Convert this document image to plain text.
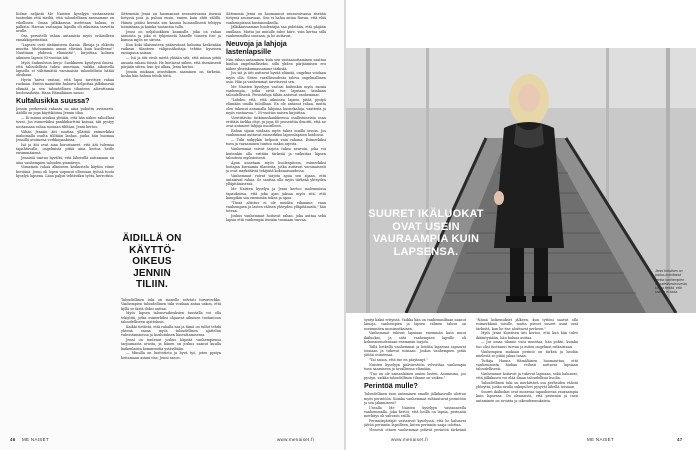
Kolme neljästä Me Naisten kyselyyn vastanneista tunteekin että meiltä, että taloudellinen asemamme on vihollinen. Omaa jälkikasvua asetetaan haluaa, ei palkata. Harvan vastaajan lapsilla oli aikuisina tarvetta avulle.

Osa perustelli rahan antamista myös eriäisilleen ennakkoperintönä.

"Lapsesi ovat iästämiseen ihania. Ilkeaja ja ehkeita muutta. Mieluummin annan elävänä kuin kuolleena!" Nauttiaan yhdessä elämästä!", kirjoittaa kolmen aikuisen lapsen 53-vuotias äiti.

Myös Saikuulvion kerjo- Suokkaeen kyselyssä ilmeni, että taloudellista tukea annetaan, vaikka aikuisella lapsella ei välttämättä varsinaista taloudellista hätää olisikaan.

Hyvin harva vastasi, että lapsi tarvitsee rahaa ruokaan. Eniten mainittiin haluava helpottaa jälkikasvun elämää ja sen taloudellisen tilanteen aiheuttamia huolenaiheita. Haaa Hämäläinen sanoo.

Kultalusikka suussa?

Jennin perheessä rahasta on aina puhuttu avoimesti. Äidillä on jopa käyttiköissa Jennin tilaa.

— Ei minua aivaksa yhtään, että hän näkee rahoillani tuvat. Jos esimerkiksi pankkikorttini katoaa, äiti pystyy nostamaan rahaa suoraan tililtäni, Jenni kertoo.

Vähän Jenniin äiti suuttaa ylläitää enimerkiksi mahomalla osulta tililtään lanhas, jonka hän huomaa Jennillä avoimena verkkopankissa.

Isä ja äiti ovat aina korostaneet, että äiti tulemaa tapahtuvalle, ongelmista pitää aina kertoa heille ensimmäisenä.

Jennistä tuntuu hyvältä, että läheisillä auttamaan on aina vanhempien talouden ymmärrys.

Viimeinen rahaa alkeiseen keskustelu käytiin viime keväänä. Jenni oli lopen uupunut ollessaan työssä tuota kyselyä lapsena. Liian paljon tehtäväksi työtä, kerrottiin.

Sittemmin Jenni on huomannut sensuroivansa itsensä hetyssä pois ja puhuu ensin, ennen kuin ehtii välillä. Hänen pitäisi kerrata sen kanssa luonnollisesti tehtyyn toimintaan ja kuinka tuotantoa tulla.

Jenni on neljäluokkien kaumalle, joka on rahaa annoista ja joka ei tyhjennetä hänelle toiseen itse ja kanssa myös ne siivota.

Kun koki tilaisuuteen pääsevänsä kuhuina keskenään vaikean tilanteen välipissähoitaja tehtiin kyseisen ensiapuun asiaan.

— Isä ja äiti eivät mietä yhtään sitä, että minun pitää ansaita rahani töissä. He luottavat siihen, että itsenäisesti pärjään sitten, kun työ alkaa, Jenni kertoo.

Jennin mukaan avustuksen saaminen on tärkeää, koska hän haluaa tehdä töitä.

ÄIDILLÄ ON KÄYTTÖOIKEUS JENNIN TILIIN.

Taloudellinen tuki on monelle selvästi turvaverkko. Vanhempien taloudellinen tuki voidaan antaa uskon, että kyllä se tästä iloksi auttaa.

Myös lapsen talousvaikeuksien taustalla voi olla tekijöitä, jotka esimerkiksi ohjaavat aikuisen tuotantoon taloudelliseen ajatteluun.

Kaikki tietävät, että rahalla saa ja tämä on tullut tehdä yhtenä osana myös taloudellisen ajattelun vahvistamisessa ja koulutuksen kasvattamisessa.

Jenni on tuntenut joskus häpeää vanhempiensa tarjoamasta avusta, ja hänen on joskus saanut kuulla kaikenlaista kommenttia ystäviltään.

— Minulla on luottotieto ja hyvä työ, joten pystyn hoitamaan asiani itse, Jenni sanoo.

Sittemmin Jenni on huomannut sensuroivansa itseään tietyssä seuraavaan. Sen ei halua antaa Ruvan, että elää vanhempiensa kustannuksella.

Jälkikasvuamme huolentajia saa pidetään, että päijään omillaan. Mutta jos minulle tulee kiire, voin kertoa sillä vanhemmillisi suoraan, ja he auttavat.

Neuvoja ja lahjoja lastenlapsille

Niin rahan antaminen kuin sen vastaanottaminen saattaa kuulua ongelmalliseksi, sillä yhden pärjäämisen ero näkee yhteiskunnassamme tärkeää.

Jos isä ja äiti auttavat hyvää elämää, ongelma voidaan myös olla. Sitten varallisuudesta tuleva ongelmallinen asia. Hän ja vanhemmat tarvitsevat sen.

Me Naisten kyselyyn vastasi kuitenkin myös monia vanhempia, jotka eivät tue lapsiaan lainkaan taloudellisesti. Perusteluja tähän antoivat vanhemmat.

"Lähden että, että aikuinen lapsen pitää pystyä elämään omilla tuloillaan. En ole antanut rahaa, mutta olen tukenut antamalla lahjoina huonekaluja, vaatteita ja myös vastaavaa.", 55-vuotias naisen kirjoittaa.

Viestittävän tutkimushankkeessa osallistuneista osan erittäin tarkka ohje, ja jopa 80 prosenttia ilmoitti, että ne ovat antaneet lahjoja nuorilleen.

Rahan sijaan voidaan myös tukea muilla tavoin. Jos vanhemmat auttavat esimerkiksi lapsenlapsien hoidossa.

— Tuki näkyykin helposti vain rahana. Esimerkiksi tuen ja varaaminen tuntuu osaksi arjesta.

Vanhemmat voivat tarjota tukea neuvoin, joka voi kuitenkin olla erittäin tärkeää ja vaikuttaa lapsen talouteen myönteisesti.

Apua annetaan myös huolenpitoon, esimerkiksi hoitajan kuvaamia tilanteita, jotka auttavat varsinaisesti ja ovat merkittäviä tekijöitä kokonaisuudessa.

Vanhemmat voivat tarjota apua sen sijaan, että antaisivat rahaa. Se saattaa olla myös tärkeää yhteyden ylläpitämisessä.

Me Naisten kyselyn ja Jenni kertoo molemmissa tapauksissa, että joka ajan jaksaa myös sitä, että kumpikin saa enemmän tukea ja apua.

"Tässä altistus ei ole meidän vikamme, vaan vanhempien ja lasten välisen yhteyden ylläpitämistä," hän toteaa.

Joskus vanhemmat hoitavat rahan, joka auttaa sekä lapsia että vanhempia itseään tuomaan turvaa.

46 ME NAISET	www.menaiset.fi
SUURET IKÄLUOKAT OVAT USEIN VAURAAMPIA KUIN LAPSENSA.
Jenni Koistisen on joskus noloittanut kertoa vanhempien taloudellisesta tuesta, koska tiedää, että kaikilla ei tuota.

syntyi kaksi erityistä. Vaikka hän on vanhemmiltaan saanut lainoja, vanhempien ja lapsen välinen talous on useimmiten monimutkainen.

Vanhemmat tukivat lapsiaan enemmän kuin muut ikäluokat, ja siitä vanhempien lapsille oli kokonaisuudessaan enemmän tarjota.

Tällä hetkellä vanhemmat ja heidän lapsensa tapaavat toisiaan ja tukevat toisiaan. Joskus vanhempien pitää jättää osuutensa.

"Tai sanoa, että tue en pärjännyt."

Naisten kyselyyn pääväestöön velvoittaa vanhempia tuen saamiseen ja tavallisena elämään.

"Tuo on ole samanlainen omien lasten. Asumisina, joo pystyn, vaikka taloudellinen tilanne on vaikea."

Perintöä mulle?

Taloudellinen tuen antaminen omalle jälkikasvulle ulottuu myös perintöön. Kuinka vanhemmat suhtautuvat perintöön ja sen jakamiseen?

Usealla Me Naisten kyselyyn vastanneella vanhemmalla, joka kertoi, että heillä on lapsia, perinnön merkitys oli vahvasti esillä.

Perinnönjättäjät vastasivat kyselyssä, että he haluavat jättää perinnön lapsilleen, kuten perinnön saaja odottaa.

Yleisesti ottaen vanhemmat pitävät perintöä tärkeänä

"Nämä kokemukset jälkeen, kun tyttöni saavat olla esimerkkinä toisille, mutta pienet suuret asiat ovat tärkeitä, kun he itse aloittavat perheen."

Myös Jenni Koistisen äiti kertoo, että kun hän tulee ikääntymään, hän haluaa auttaa.

— Jos omaa tilanne voisi muuttaa, hän pohtii, kuinka tuo olisi tuottanut turvan ja miten ongelmat ratkaistaan.

Vanhempien mukaan perintö on tärkeä ja heidän mielestä se pitää jakaa tasan.

Tutkija Hanna Hämäläinen huomauttaa, että vanhemmista hiukan reilusti auttavat lapsiaan taloudellisesti.

Vanhemmat hoitavat ja tukevat lapsiaan, sekä haluavat, että jälkikasvu voi elää ilman taloudellisia huolia.

Taloudellinen tuki on merkittävä osa perheiden välistä yhteyttä, jonka avulla sukupolvet pysyvät lähellä toisiaan.

Suuret ikäluokat ovat monessa tapauksessa vauraampia kuin lapsensa. On olennaista, että perinnön ja tuen antaminen on avointa ja oikeudenmukaista.

www.menaiset.fi	ME NAISET	47
